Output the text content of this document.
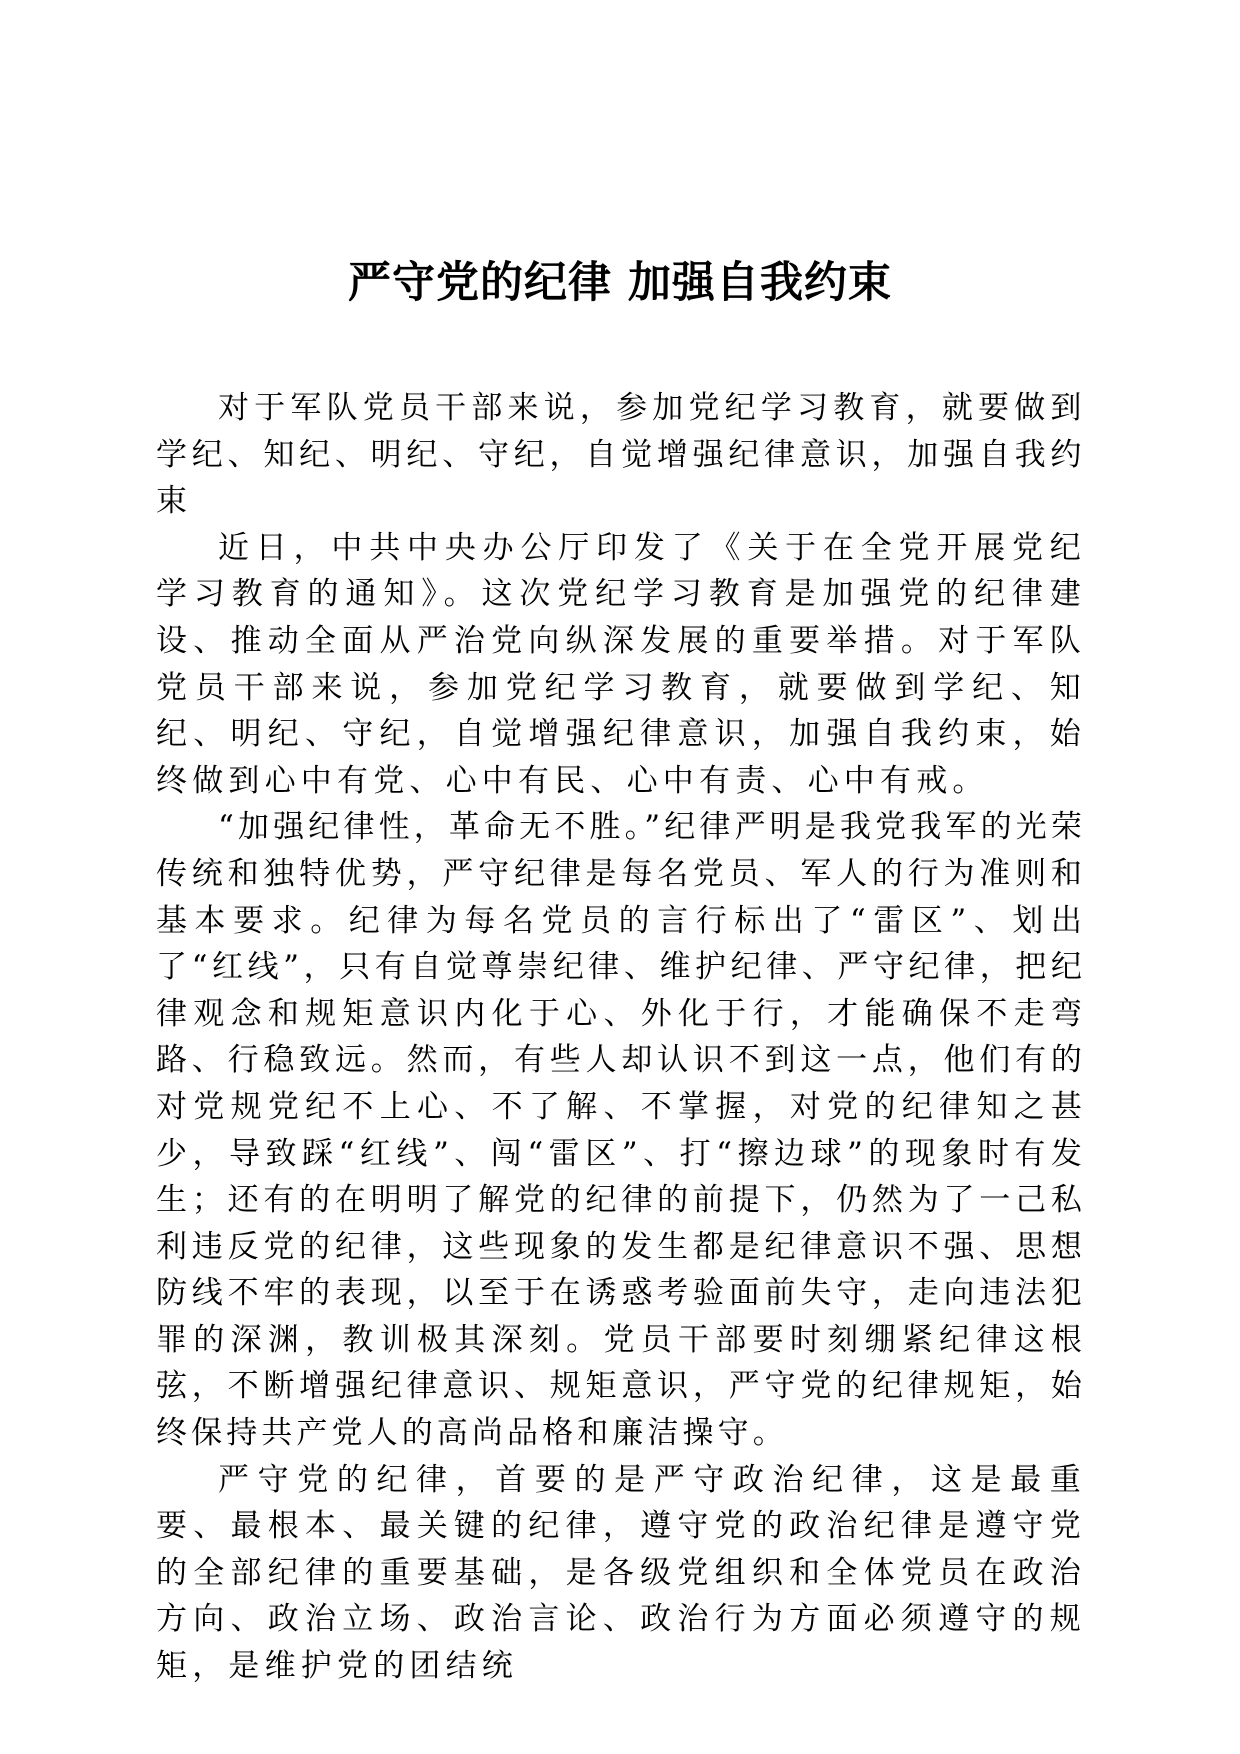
严守党的纪律 加强自我约束

对于军队党员干部来说，参加党纪学习教育，就要做到学纪、知纪、明纪、守纪，自觉增强纪律意识，加强自我约束

近日，中共中央办公厅印发了《关于在全党开展党纪学习教育的通知》。这次党纪学习教育是加强党的纪律建设、推动全面从严治党向纵深发展的重要举措。对于军队党员干部来说，参加党纪学习教育，就要做到学纪、知纪、明纪、守纪，自觉增强纪律意识，加强自我约束，始终做到心中有党、心中有民、心中有责、心中有戒。

“加强纪律性，革命无不胜。”纪律严明是我党我军的光荣传统和独特优势，严守纪律是每名党员、军人的行为准则和基本要求。纪律为每名党员的言行标出了“雷区”、划出了“红线”，只有自觉尊崇纪律、维护纪律、严守纪律，把纪律观念和规矩意识内化于心、外化于行，才能确保不走弯路、行稳致远。然而，有些人却认识不到这一点，他们有的对党规党纪不上心、不了解、不掌握，对党的纪律知之甚少，导致踩“红线”、闯“雷区”、打“擦边球”的现象时有发生；还有的在明明了解党的纪律的前提下，仍然为了一己私利违反党的纪律，这些现象的发生都是纪律意识不强、思想防线不牢的表现，以至于在诱惑考验面前失守，走向违法犯罪的深渊，教训极其深刻。党员干部要时刻绷紧纪律这根弦，不断增强纪律意识、规矩意识，严守党的纪律规矩，始终保持共产党人的高尚品格和廉洁操守。

严守党的纪律，首要的是严守政治纪律，这是最重要、最根本、最关键的纪律，遵守党的政治纪律是遵守党的全部纪律的重要基础，是各级党组织和全体党员在政治方向、政治立场、政治言论、政治行为方面必须遵守的规矩，是维护党的团结统
